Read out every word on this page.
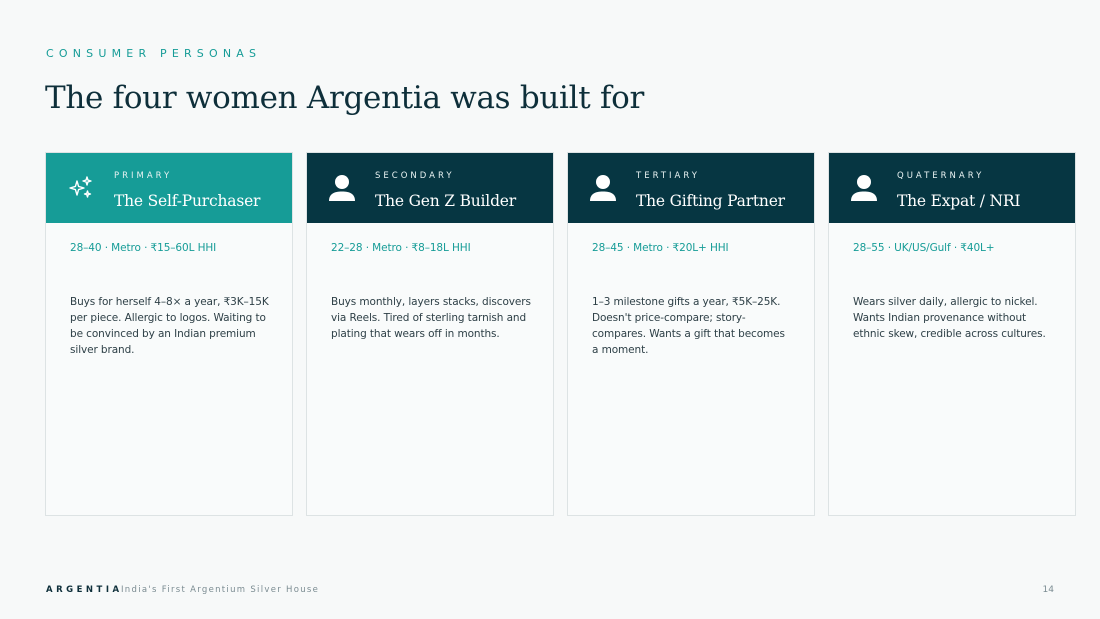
CONSUMER PERSONAS
The four women Argentia was built for
PRIMARY
The Self-Purchaser
28–40 · Metro · ₹15–60L HHI

Buys for herself 4–8× a year, ₹3K–15K per piece. Allergic to logos. Waiting to be convinced by an Indian premium silver brand.

SECONDARY
The Gen Z Builder
22–28 · Metro · ₹8–18L HHI

Buys monthly, layers stacks, discovers via Reels. Tired of sterling tarnish and plating that wears off in months.

TERTIARY
The Gifting Partner
28–45 · Metro · ₹20L+ HHI

1–3 milestone gifts a year, ₹5K–25K. Doesn't price-compare; story-compares. Wants a gift that becomes a moment.

QUATERNARY
The Expat / NRI
28–55 · UK/US/Gulf · ₹40L+

Wears silver daily, allergic to nickel. Wants Indian provenance without ethnic skew, credible across cultures.

ARGENTIA
· India's First Argentium Silver House	14
